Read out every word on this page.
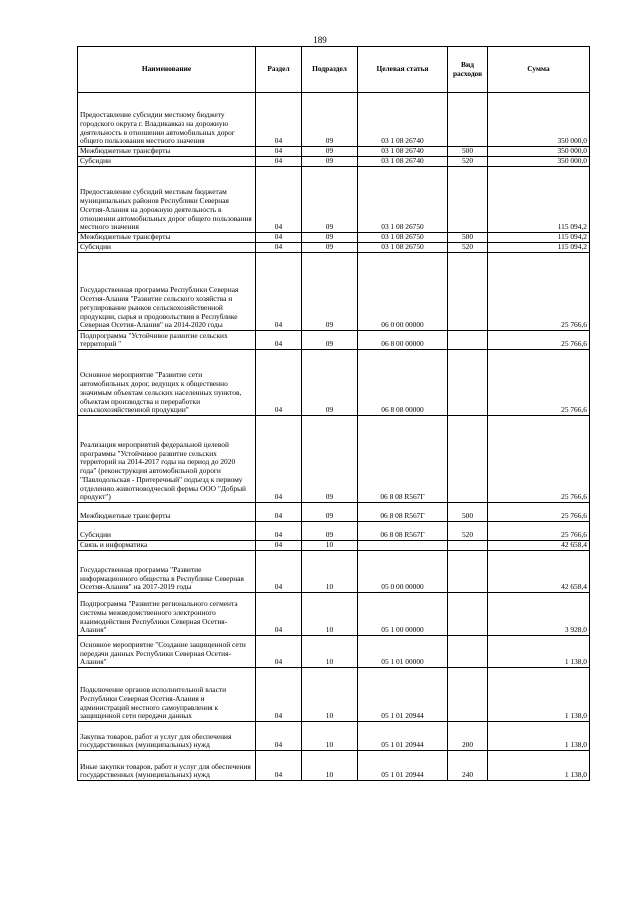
189
Наименование	Раздел	Подраздел	Целевая статья	Вид расходов	Сумма
Предоставление субсидии местному бюджету городского округа г. Владикавказ на дорожную деятельность в отношении автомобильных дорог общего пользования местного значения	04	09	03 1 08 26740		350 000,0
Межбюджетные трансферты	04	09	03 1 08 26740	500	350 000,0
Субсидии	04	09	03 1 08 26740	520	350 000,0
Предоставление субсидий местным бюджетам муниципальных районов Республики Северная Осетия-Алания на дорожную деятельность в отношении автомобильных дорог общего пользования местного значения	04	09	03 1 08 26750		115 094,2
Межбюджетные трансферты	04	09	03 1 08 26750	500	115 094,2
Субсидии	04	09	03 1 08 26750	520	115 094,2
Государственная программа Республики Северная Осетия-Алания "Развитие сельского хозяйства и регулирование рынков сельскохозяйственной продукции, сырья и продовольствия в Республике Северная Осетия-Алания" на 2014-2020 годы	04	09	06 0 00 00000		25 766,6
Подпрограмма "Устойчивое развитие сельских территорий "	04	09	06 8 00 00000		25 766,6
Основное мероприятие "Развитие сети автомобильных дорог, ведущих к общественно значимым объектам сельских населенных пунктов, объектам производства и переработки сельскохозяйственной продукции"	04	09	06 8 08 00000		25 766,6
Реализация мероприятий федеральной целевой программы "Устойчивое развитие сельских территорий на 2014-2017 годы на период до 2020 года" (реконструкция автомобильной дороги "Павлодольская - Притеречный" подъезд к первому отделению животноводческой фермы ООО "Добрый продукт")	04	09	06 8 08 R567Г		25 766,6
Межбюджетные трансферты	04	09	06 8 08 R567Г	500	25 766,6
Субсидии	04	09	06 8 08 R567Г	520	25 766,6
Связь и информатика	04	10			42 658,4
Государственная программа "Развитие информационного общества в Республике Северная Осетия-Алания" на 2017-2019 годы	04	10	05 0 00 00000		42 658,4
Подпрограмма "Развитие регионального сегмента системы межведомственного электронного взаимодействия Республики Северная Осетия-Алания"	04	10	05 1 00 00000		3 928,0
Основное мероприятие "Создание защищенной сети передачи данных Республики Северная Осетия-Алания"	04	10	05 1 01 00000		1 138,0
Подключение органов исполнительной власти Республики Северная Осетия-Алания и администраций местного самоуправления к защищенной сети передачи данных	04	10	05 1 01 20944		1 138,0
Закупка товаров, работ и услуг для обеспечения государственных (муниципальных) нужд	04	10	05 1 01 20944	200	1 138,0
Иные закупки товаров, работ и услуг для обеспечения государственных (муниципальных) нужд	04	10	05 1 01 20944	240	1 138,0
